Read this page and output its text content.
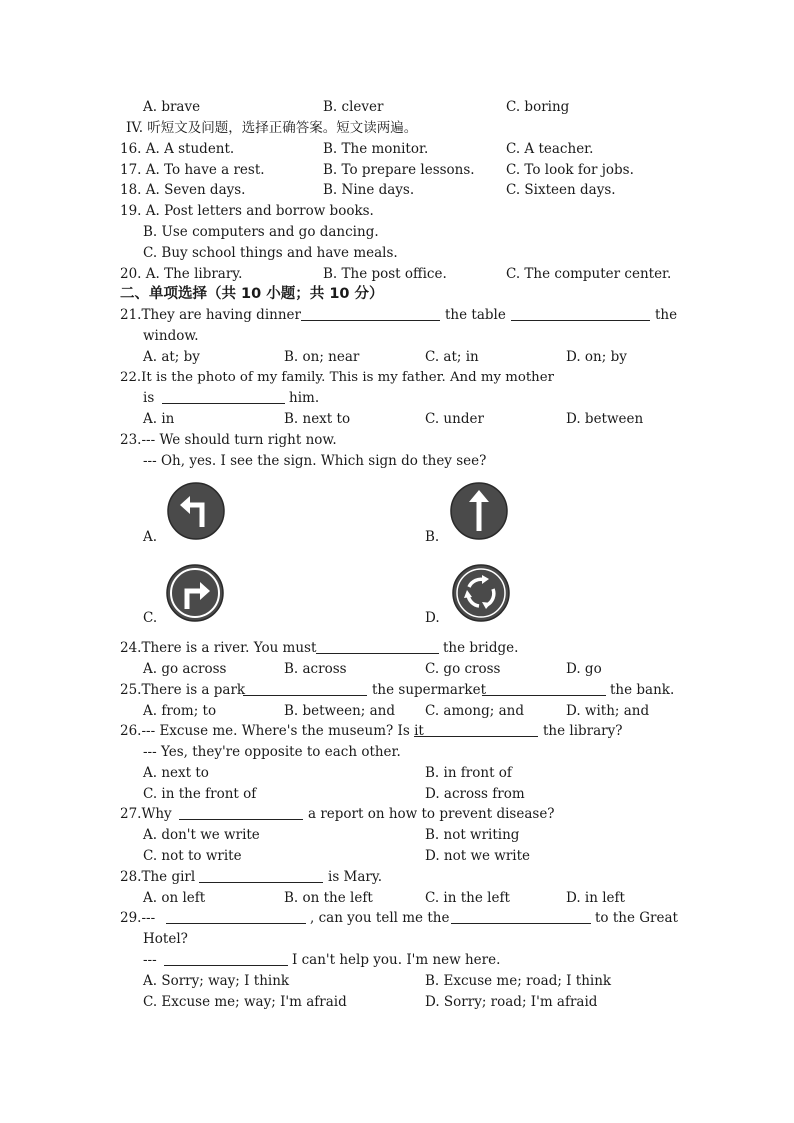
A. brave	B. clever	C. boring
IV. 听短文及问题，选择正确答案。短文读两遍。
16. A. A student.	B. The monitor.	C. A teacher.
17. A. To have a rest.	B. To prepare lessons. C. To look for jobs.
18. A. Seven days.	B. Nine days.	C. Sixteen days.
19. A. Post letters and borrow books.
B. Use computers and go dancing.
C. Buy school things and have meals.
20. A. The library.	B. The post office.	C. The computer center.
二、单项选择（共 10 小题；共 10 分）
21.They are having dinner	the table	the
window.
A. at; by	B. on; near	C. at; in	D. on; by
22.It is the photo of my family. This is my father. And my mother
is	him.
A. in	B. next to	C. under	D. between
23.--- We should turn right now.
--- Oh, yes. I see the sign. Which sign do they see?
A.	B.
C.	D.
24.There is a river. You must	the bridge.
A. go across	B. across	C. go cross	D. go
25.There is a park	the supermarket	the bank.
A. from; to	B. between; and C. among; and	D. with; and
26.--- Excuse me. Where's the museum? Is it	the library?
--- Yes, they're opposite to each other.
A. next to	B. in front of
C. in the front of	D. across from
27.Why	a report on how to prevent disease?
A. don't we write	B. not writing
C. not to write	D. not we write
28.The girl	is Mary.
A. on left	B. on the left	C. in the left	D. in left
29.---	, can you tell me the	to the Great
Hotel?
---	I can't help you. I'm new here.
A. Sorry; way; I think	B. Excuse me; road; I think
C. Excuse me; way; I'm afraid	D. Sorry; road; I'm afraid
